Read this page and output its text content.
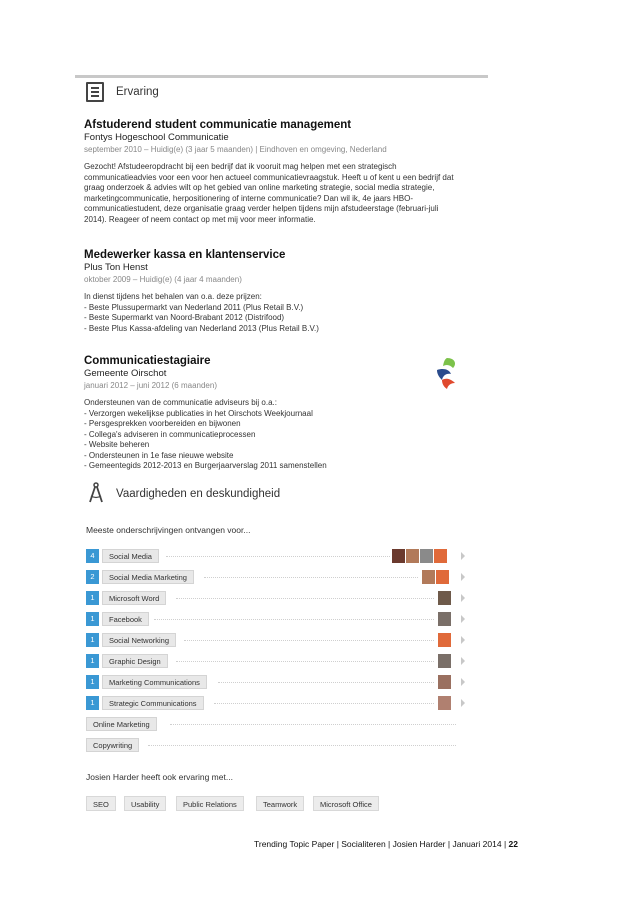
Ervaring
Afstuderend student communicatie management
Fontys Hogeschool Communicatie
september 2010 – Huidig(e) (3 jaar 5 maanden) | Eindhoven en omgeving, Nederland
Gezocht! Afstudeeropdracht bij een bedrijf dat ik vooruit mag helpen met een strategisch
communicatieadvies voor een voor hen actueel communicatievraagstuk. Heeft u of kent u een bedrijf dat
graag onderzoek & advies wilt op het gebied van online marketing strategie, social media strategie,
marketingcommunicatie, herpositionering of interne communicatie? Dan wil ik, 4e jaars HBO-
communicatiestudent, deze organisatie graag verder helpen tijdens mijn afstudeerstage (februari-juli
2014). Reageer of neem contact op met mij voor meer informatie.
Medewerker kassa en klantenservice
Plus Ton Henst
oktober 2009 – Huidig(e) (4 jaar 4 maanden)
In dienst tijdens het behalen van o.a. deze prijzen:
- Beste Plussupermarkt van Nederland 2011 (Plus Retail B.V.)
- Beste Supermarkt van Noord-Brabant 2012 (Distrifood)
- Beste Plus Kassa-afdeling van Nederland 2013 (Plus Retail B.V.)
Communicatiestagiaire
Gemeente Oirschot
januari 2012 – juni 2012 (6 maanden)
Ondersteunen van de communicatie adviseurs bij o.a.:
- Verzorgen wekelijkse publicaties in het Oirschots Weekjournaal
- Persgesprekken voorbereiden en bijwonen
- Collega's adviseren in communicatieprocessen
- Website beheren
- Ondersteunen in 1e fase nieuwe website
- Gemeentegids 2012-2013 en Burgerjaarverslag 2011 samenstellen
Vaardigheden en deskundigheid
Meeste onderschrijvingen ontvangen voor...
4	Social Media
2	Social Media Marketing
1	Microsoft Word
1	Facebook
1	Social Networking
1	Graphic Design
1	Marketing Communications
1	Strategic Communications
Online Marketing
Copywriting
Josien Harder heeft ook ervaring met...
SEO	Usability	Public Relations	Teamwork	Microsoft Office
Trending Topic Paper | Socialiteren | Josien Harder | Januari 2014 | 22
